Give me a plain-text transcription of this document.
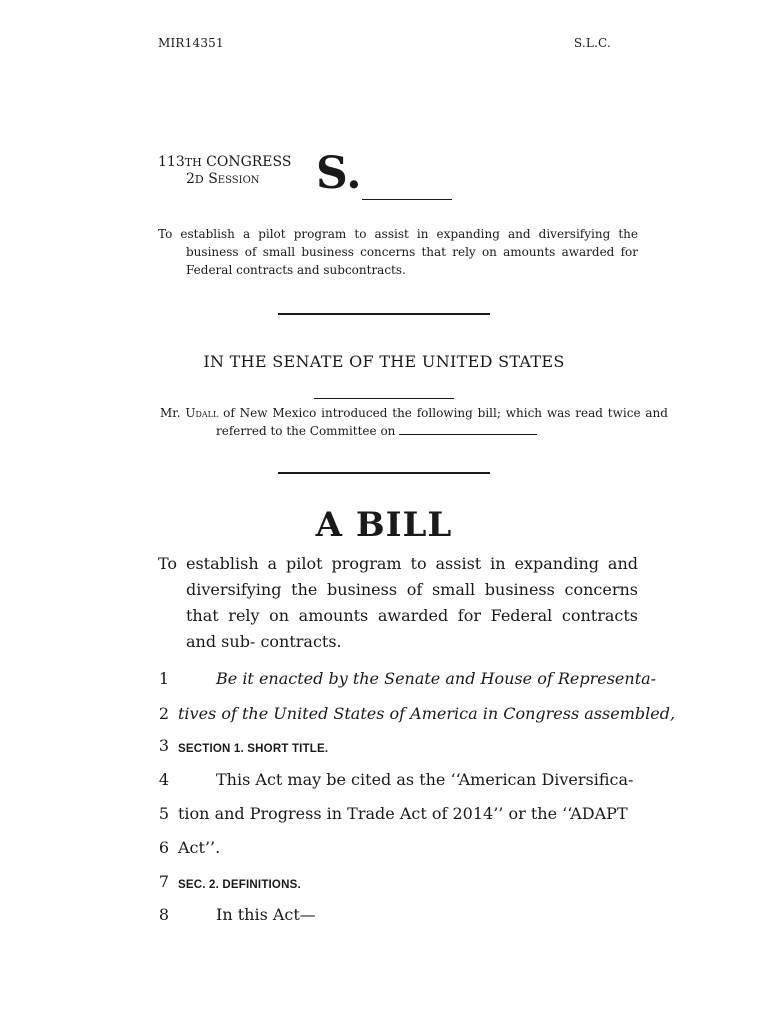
MIR14351	S.L.C.
113TH CONGRESS
2D Session	S.
To establish a pilot program to assist in expanding and diversifying the business of small business concerns that rely on amounts awarded for Federal contracts and subcontracts.
IN THE SENATE OF THE UNITED STATES
Mr. Udall of New Mexico introduced the following bill; which was read twice and referred to the Committee on
A BILL
To establish a pilot program to assist in expanding and diversifying the business of small business concerns that rely on amounts awarded for Federal contracts and sub- contracts.
1	Be it enacted by the Senate and House of Representa-
2 tives of the United States of America in Congress assembled,
3 SECTION 1. SHORT TITLE.
4	This Act may be cited as the ‘‘American Diversifica-
5 tion and Progress in Trade Act of 2014’’ or the ‘‘ADAPT
6 Act’’.
7 SEC. 2. DEFINITIONS.
8	In this Act—
